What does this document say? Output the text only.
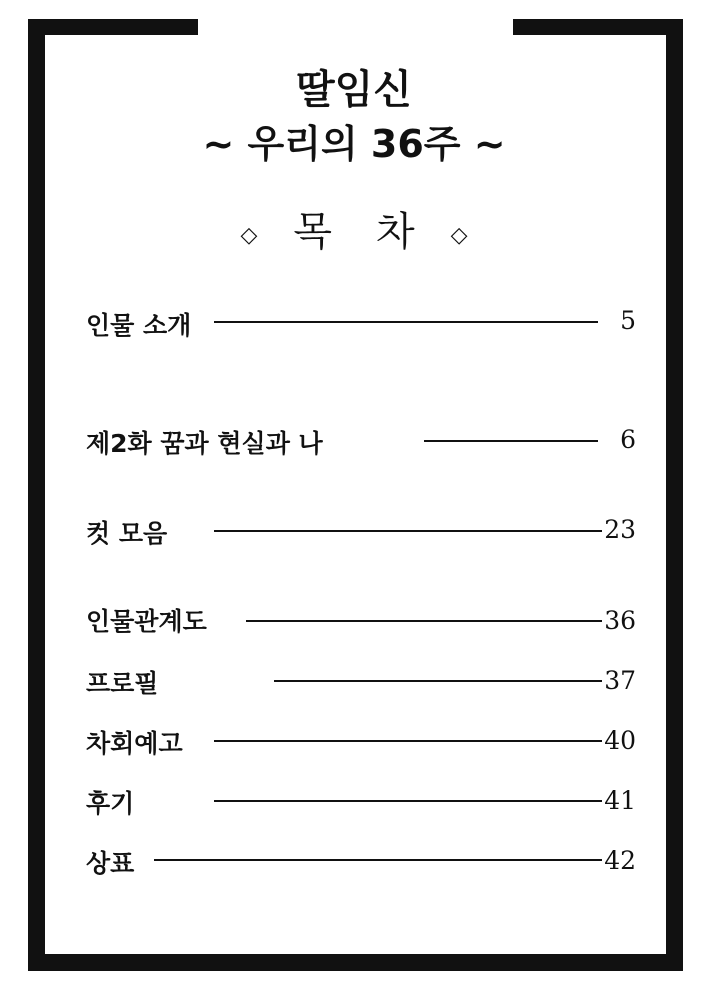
딸임신
~ 우리의 36주 ~
◇ 목 차 ◇
인물 소개	5
제2화 꿈과 현실과 나	6
컷 모음	23
인물관계도	36
프로필	37
차회예고	40
후기	41
상표	42
